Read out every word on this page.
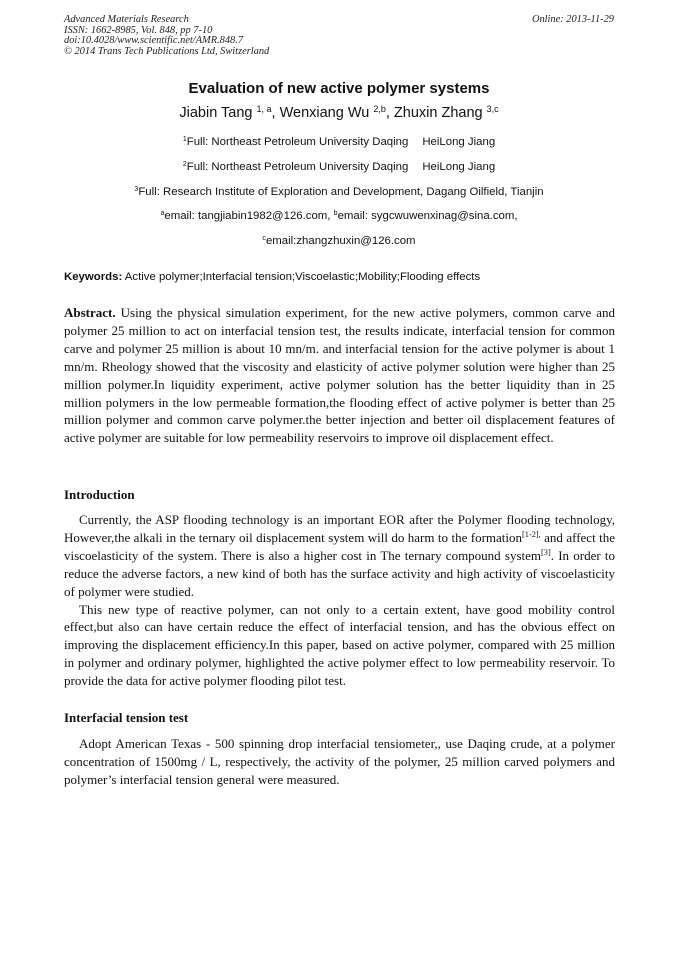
Advanced Materials Research
ISSN: 1662-8985, Vol. 848, pp 7-10
doi:10.4028/www.scientific.net/AMR.848.7
© 2014 Trans Tech Publications Ltd, Switzerland
Online: 2013-11-29
Evaluation of new active polymer systems
Jiabin Tang $^{1, a}$, Wenxiang Wu $^{2,b}$, Zhuxin Zhang $^{3,c}$
$^1$Full: Northeast Petroleum University Daqing HeiLong Jiang
$^2$Full: Northeast Petroleum University Daqing HeiLong Jiang
$^3$Full: Research Institute of Exploration and Development, Dagang Oilfield, Tianjin
$^a$email: tangjiabin1982@126.com, $^b$email: sygcwuwenxinag@sina.com,
$^c$email:zhangzhuxin@126.com
Keywords: Active polymer;Interfacial tension;Viscoelastic;Mobility;Flooding effects

Abstract. Using the physical simulation experiment, for the new active polymers, common carve and polymer 25 million to act on interfacial tension test, the results indicate, interfacial tension for common carve and polymer 25 million is about 10 mn/m. and interfacial tension for the active polymer is about 1 mn/m. Rheology showed that the viscosity and elasticity of active polymer solution were higher than 25 million polymer.In liquidity experiment, active polymer solution has the better liquidity than in 25 million polymers in the low permeable formation,the flooding effect of active polymer is better than 25 million polymer and common carve polymer.the better injection and better oil displacement features of active polymer are suitable for low permeability reservoirs to improve oil displacement effect.

Introduction

Currently, the ASP flooding technology is an important EOR after the Polymer flooding technology, However,the alkali in the ternary oil displacement system will do harm to the formation$^{[1-2],}$ and affect the viscoelasticity of the system. There is also a higher cost in The ternary compound system[3]. In order to reduce the adverse factors, a new kind of both has the surface activity and high activity of viscoelasticity of polymer were studied.

This new type of reactive polymer, can not only to a certain extent, have good mobility control effect,but also can have certain reduce the effect of interfacial tension, and has the obvious effect on improving the displacement efficiency.In this paper, based on active polymer, compared with 25 million in polymer and ordinary polymer, highlighted the active polymer effect to low permeability reservoir. To provide the data for active polymer flooding pilot test.

Interfacial tension test

Adopt American Texas - 500 spinning drop interfacial tensiometer,, use Daqing crude, at a polymer concentration of 1500mg / L, respectively, the activity of the polymer, 25 million carved polymers and polymer’s interfacial tension general were measured.
